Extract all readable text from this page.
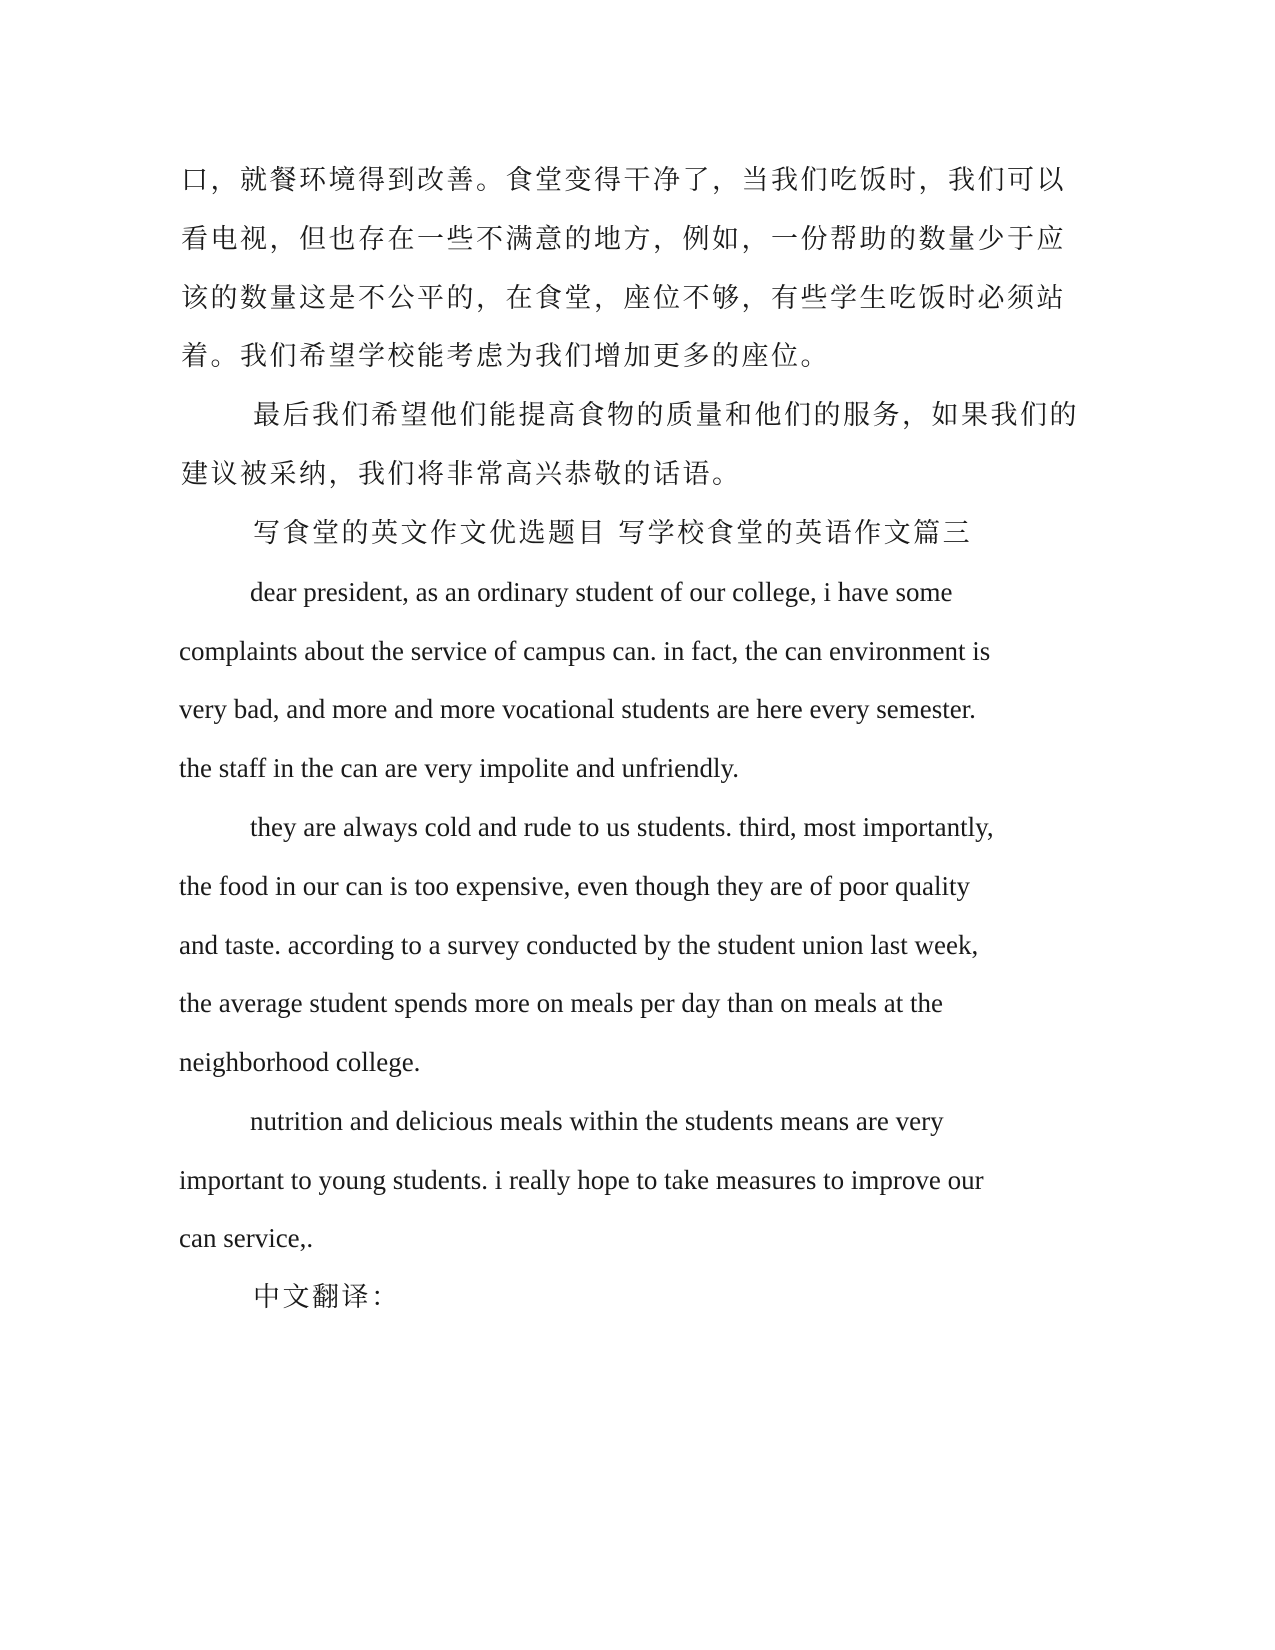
口，就餐环境得到改善。食堂变得干净了，当我们吃饭时，我们可以
看电视，但也存在一些不满意的地方，例如，一份帮助的数量少于应
该的数量这是不公平的，在食堂，座位不够，有些学生吃饭时必须站
着。我们希望学校能考虑为我们增加更多的座位。
最后我们希望他们能提高食物的质量和他们的服务，如果我们的
建议被采纳，我们将非常高兴恭敬的话语。
写食堂的英文作文优选题目 写学校食堂的英语作文篇三
dear president, as an ordinary student of our college, i have some
complaints about the service of campus can. in fact, the can environment is
very bad, and more and more vocational students are here every semester.
the staff in the can are very impolite and unfriendly.
they are always cold and rude to us students. third, most importantly,
the food in our can is too expensive, even though they are of poor quality
and taste. according to a survey conducted by the student union last week,
the average student spends more on meals per day than on meals at the
neighborhood college.
nutrition and delicious meals within the students means are very
important to young students. i really hope to take measures to improve our
can service,.
中文翻译：
